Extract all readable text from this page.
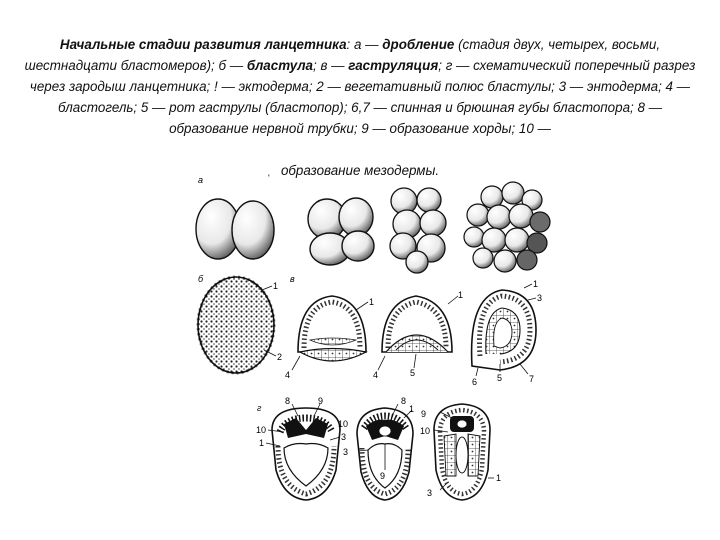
Начальные стадии развития ланцетника: а — дробление (стадия двух, четырех, восьми, шестнадцати бластомеров); б — бластула; в — гаструляция; г — схематический поперечный разрез через зародыш ланцетника; ! — эктодерма; 2 — вегетативный полюс бластулы; 3 — энтодерма; 4 — бластогель; 5 — рот гаструлы (бластопор); 6,7 — спинная и брюшная губы бластопора; 8 — образование нервной трубки; 9 — образование хорды; 10 —
образование мезодермы.
а	'
б	в
1
2
1
4
1
4	5
1
3
6 5	7
г
8	9
10
1
3
8
1
10
3
9
9
10
1
3
